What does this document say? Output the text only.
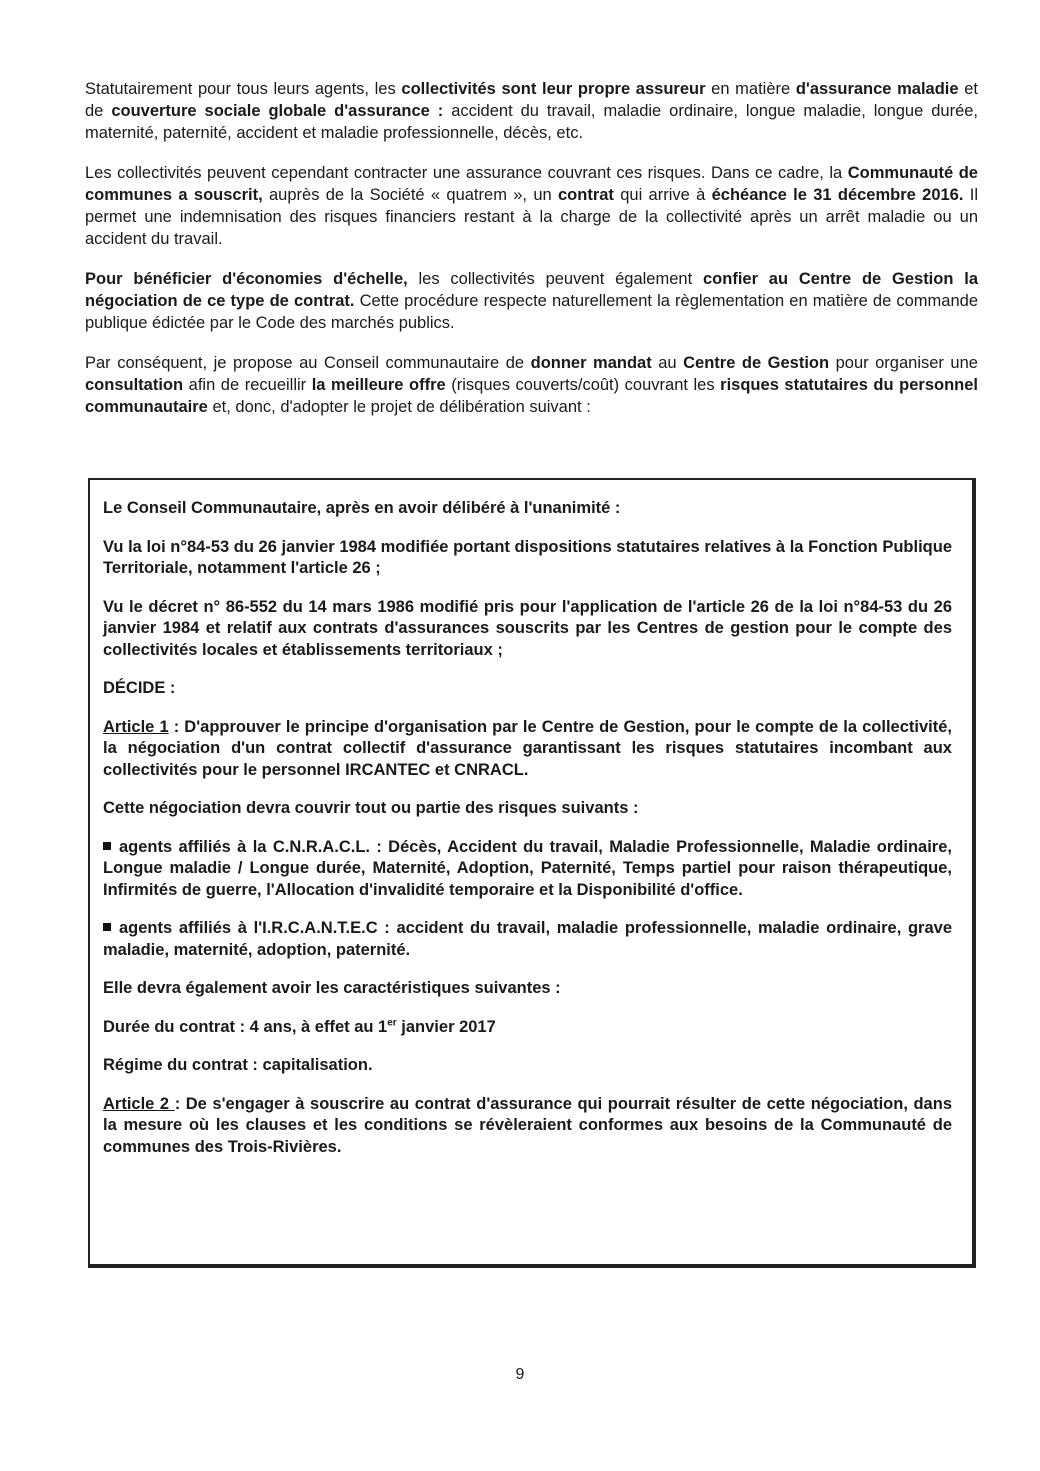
Statutairement pour tous leurs agents, les collectivités sont leur propre assureur en matière d'assurance maladie et de couverture sociale globale d'assurance : accident du travail, maladie ordinaire, longue maladie, longue durée, maternité, paternité, accident et maladie professionnelle, décès, etc.

Les collectivités peuvent cependant contracter une assurance couvrant ces risques. Dans ce cadre, la Communauté de communes a souscrit, auprès de la Société « quatrem », un contrat qui arrive à échéance le 31 décembre 2016. Il permet une indemnisation des risques financiers restant à la charge de la collectivité après un arrêt maladie ou un accident du travail.

Pour bénéficier d'économies d'échelle, les collectivités peuvent également confier au Centre de Gestion la négociation de ce type de contrat. Cette procédure respecte naturellement la règlementation en matière de commande publique édictée par le Code des marchés publics.

Par conséquent, je propose au Conseil communautaire de donner mandat au Centre de Gestion pour organiser une consultation afin de recueillir la meilleure offre (risques couverts/coût) couvrant les risques statutaires du personnel communautaire et, donc, d'adopter le projet de délibération suivant :

Le Conseil Communautaire, après en avoir délibéré à l'unanimité :

Vu la loi n°84-53 du 26 janvier 1984 modifiée portant dispositions statutaires relatives à la Fonction Publique Territoriale, notamment l'article 26 ;

Vu le décret n° 86-552 du 14 mars 1986 modifié pris pour l'application de l'article 26 de la loi n°84-53 du 26 janvier 1984 et relatif aux contrats d'assurances souscrits par les Centres de gestion pour le compte des collectivités locales et établissements territoriaux ;

DÉCIDE :

Article 1 : D'approuver le principe d'organisation par le Centre de Gestion, pour le compte de la collectivité, la négociation d'un contrat collectif d'assurance garantissant les risques statutaires incombant aux collectivités pour le personnel IRCANTEC et CNRACL.

Cette négociation devra couvrir tout ou partie des risques suivants :

agents affiliés à la C.N.R.A.C.L. : Décès, Accident du travail, Maladie Professionnelle, Maladie ordinaire, Longue maladie / Longue durée, Maternité, Adoption, Paternité, Temps partiel pour raison thérapeutique, Infirmités de guerre, l'Allocation d'invalidité temporaire et la Disponibilité d'office.

agents affiliés à l'I.R.C.A.N.T.E.C : accident du travail, maladie professionnelle, maladie ordinaire, grave maladie, maternité, adoption, paternité.

Elle devra également avoir les caractéristiques suivantes :

Durée du contrat : 4 ans, à effet au 1er janvier 2017

Régime du contrat : capitalisation.

Article 2 : De s'engager à souscrire au contrat d'assurance qui pourrait résulter de cette négociation, dans la mesure où les clauses et les conditions se révèleraient conformes aux besoins de la Communauté de communes des Trois-Rivières.

9
